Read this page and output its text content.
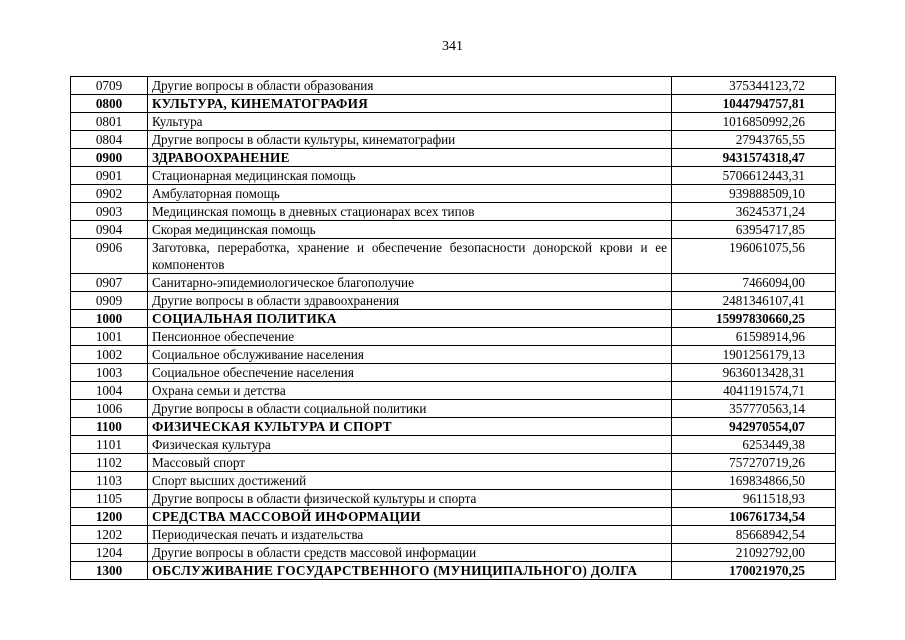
341
0709	Другие вопросы в области образования	375344123,72
0800	КУЛЬТУРА, КИНЕМАТОГРАФИЯ	1044794757,81
0801	Культура	1016850992,26
0804	Другие вопросы в области культуры, кинематографии	27943765,55
0900	ЗДРАВООХРАНЕНИЕ	9431574318,47
0901	Стационарная медицинская помощь	5706612443,31
0902	Амбулаторная помощь	939888509,10
0903	Медицинская помощь в дневных стационарах всех типов	36245371,24
0904	Скорая медицинская помощь	63954717,85
0906	Заготовка, переработка, хранение и обеспечение безопасности донорской крови и ее компонентов	196061075,56
0907	Санитарно-эпидемиологическое благополучие	7466094,00
0909	Другие вопросы в области здравоохранения	2481346107,41
1000	СОЦИАЛЬНАЯ ПОЛИТИКА	15997830660,25
1001	Пенсионное обеспечение	61598914,96
1002	Социальное обслуживание населения	1901256179,13
1003	Социальное обеспечение населения	9636013428,31
1004	Охрана семьи и детства	4041191574,71
1006	Другие вопросы в области социальной политики	357770563,14
1100	ФИЗИЧЕСКАЯ КУЛЬТУРА И СПОРТ	942970554,07
1101	Физическая культура	6253449,38
1102	Массовый спорт	757270719,26
1103	Спорт высших достижений	169834866,50
1105	Другие вопросы в области физической культуры и спорта	9611518,93
1200	СРЕДСТВА МАССОВОЙ ИНФОРМАЦИИ	106761734,54
1202	Периодическая печать и издательства	85668942,54
1204	Другие вопросы в области средств массовой информации	21092792,00
1300	ОБСЛУЖИВАНИЕ ГОСУДАРСТВЕННОГО (МУНИЦИПАЛЬНОГО) ДОЛГА	170021970,25
